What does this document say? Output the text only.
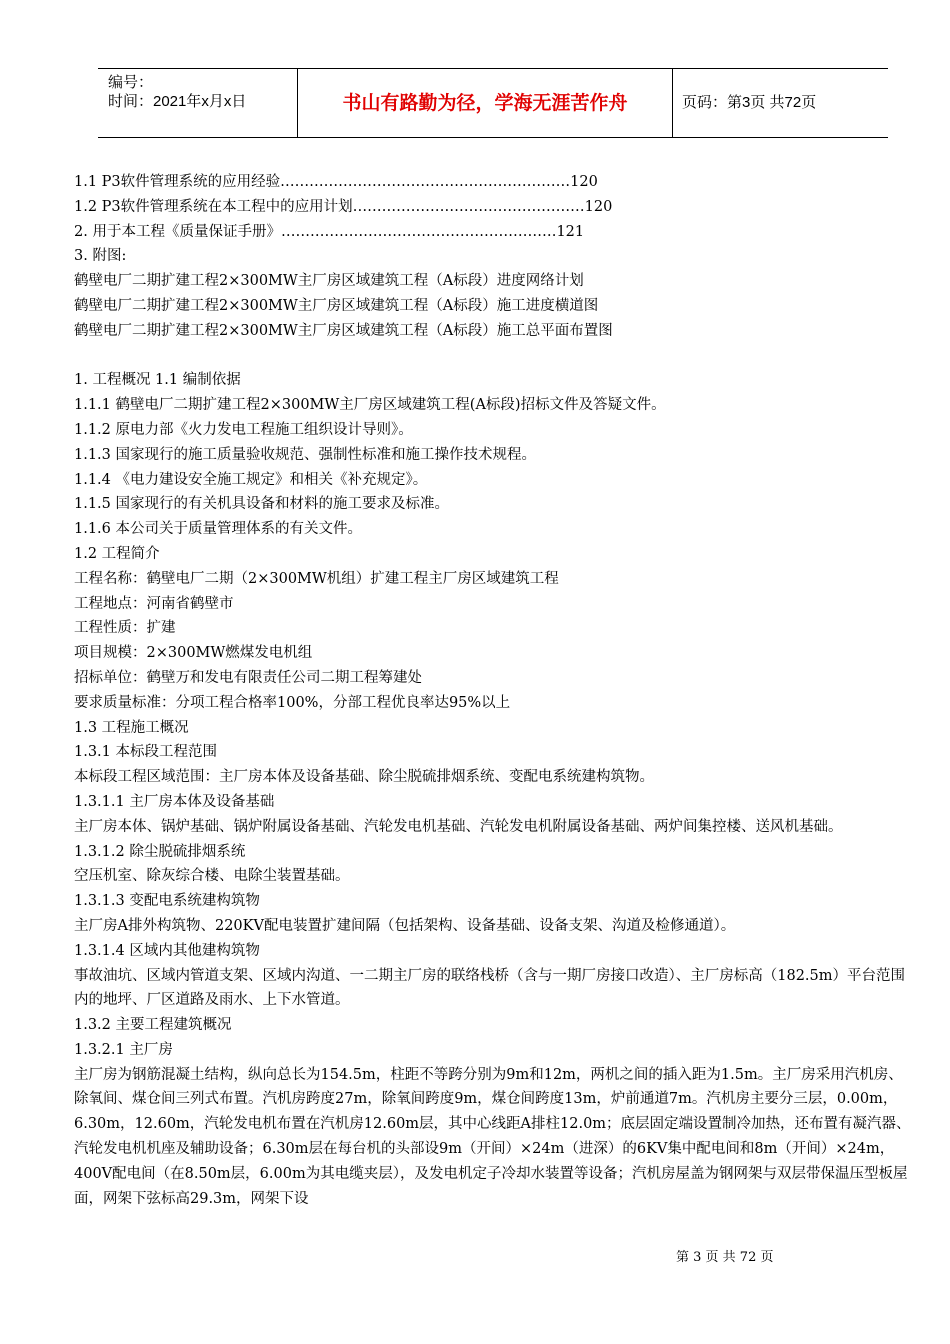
编号：
时间：2021年x月x日	书山有路勤为径，学海无涯苦作舟	页码：第3页 共72页
1.1 P3软件管理系统的应用经验……………………………………………………120
1.2 P3软件管理系统在本工程中的应用计划…………………………………………120
2. 用于本工程《质量保证手册》…………………………………………………121
3. 附图:
鹤壁电厂二期扩建工程2×300MW主厂房区域建筑工程（A标段）进度网络计划
鹤壁电厂二期扩建工程2×300MW主厂房区域建筑工程（A标段）施工进度横道图
鹤壁电厂二期扩建工程2×300MW主厂房区域建筑工程（A标段）施工总平面布置图
1. 工程概况 1.1 编制依据
1.1.1 鹤壁电厂二期扩建工程2×300MW主厂房区域建筑工程(A标段)招标文件及答疑文件。
1.1.2 原电力部《火力发电工程施工组织设计导则》。
1.1.3 国家现行的施工质量验收规范、强制性标准和施工操作技术规程。
1.1.4 《电力建设安全施工规定》和相关《补充规定》。
1.1.5 国家现行的有关机具设备和材料的施工要求及标准。
1.1.6 本公司关于质量管理体系的有关文件。
1.2 工程简介
工程名称：鹤壁电厂二期（2×300MW机组）扩建工程主厂房区域建筑工程
工程地点：河南省鹤壁市
工程性质：扩建
项目规模：2×300MW燃煤发电机组
招标单位：鹤壁万和发电有限责任公司二期工程筹建处
要求质量标准：分项工程合格率100%，分部工程优良率达95%以上
1.3 工程施工概况
1.3.1 本标段工程范围
本标段工程区域范围：主厂房本体及设备基础、除尘脱硫排烟系统、变配电系统建构筑物。
1.3.1.1 主厂房本体及设备基础
主厂房本体、锅炉基础、锅炉附属设备基础、汽轮发电机基础、汽轮发电机附属设备基础、两炉间集控楼、送风机基础。
1.3.1.2 除尘脱硫排烟系统
空压机室、除灰综合楼、电除尘装置基础。
1.3.1.3 变配电系统建构筑物
主厂房A排外构筑物、220KV配电装置扩建间隔（包括架构、设备基础、设备支架、沟道及检修通道）。
1.3.1.4 区域内其他建构筑物
事故油坑、区域内管道支架、区域内沟道、一二期主厂房的联络栈桥（含与一期厂房接口改造）、主厂房标高（182.5m）平台范围内的地坪、厂区道路及雨水、上下水管道。
1.3.2 主要工程建筑概况
1.3.2.1 主厂房
主厂房为钢筋混凝土结构，纵向总长为154.5m，柱距不等跨分别为9m和12m，两机之间的插入距为1.5m。主厂房采用汽机房、除氧间、煤仓间三列式布置。汽机房跨度27m，除氧间跨度9m，煤仓间跨度13m，炉前通道7m。汽机房主要分三层，0.00m，6.30m，12.60m，汽轮发电机布置在汽机房12.60m层，其中心线距A排柱12.0m；底层固定端设置制冷加热，还布置有凝汽器、汽轮发电机机座及辅助设备；6.30m层在每台机的头部设9m（开间）×24m（进深）的6KV集中配电间和8m（开间）×24m，400V配电间（在8.50m层，6.00m为其电缆夹层），及发电机定子冷却水装置等设备；汽机房屋盖为钢网架与双层带保温压型板屋面，网架下弦标高29.3m，网架下设
第 3 页 共 72 页
